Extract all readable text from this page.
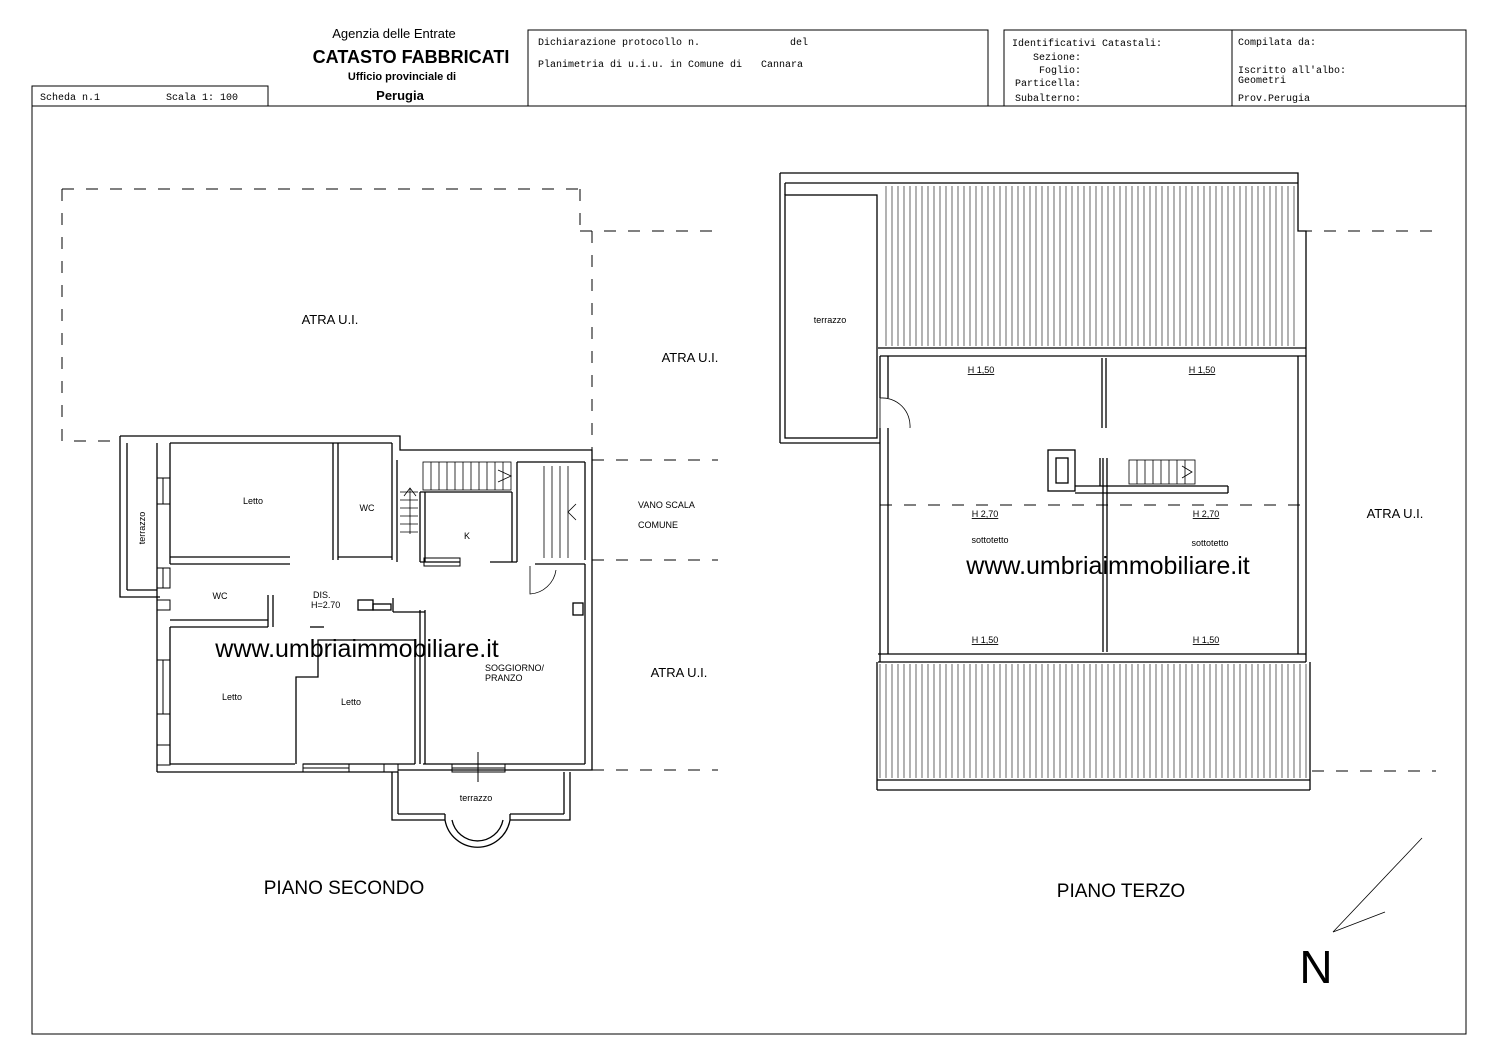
Agenzia delle Entrate
CATASTO FABBRICATI
Ufficio provinciale di
Perugia
Scheda n.1	Scala 1: 100
Dichiarazione protocollo n.	del
Planimetria di u.i.u. in Comune di Cannara
Identificativi Catastali:
Sezione:
Foglio:
Particella:
Subalterno:
Compilata da:
Iscritto all'albo:
Geometri
Prov.Perugia
ATRA U.I.
ATRA U.I.
ATRA U.I.
VANO SCALA
COMUNE
terrazzo
Letto
WC
K
WC	DIS.
H=2.70
SOGGIORNO/
PRANZO
Letto	Letto
terrazzo
www.umbriaimmobiliare.it
PIANO SECONDO
terrazzo
ATRA U.I.
H 1,50	H 1,50
H 2,70	H 2,70
sottotetto	sottotetto
H 1,50	H 1,50
www.umbriaimmobiliare.it
PIANO TERZO
N
